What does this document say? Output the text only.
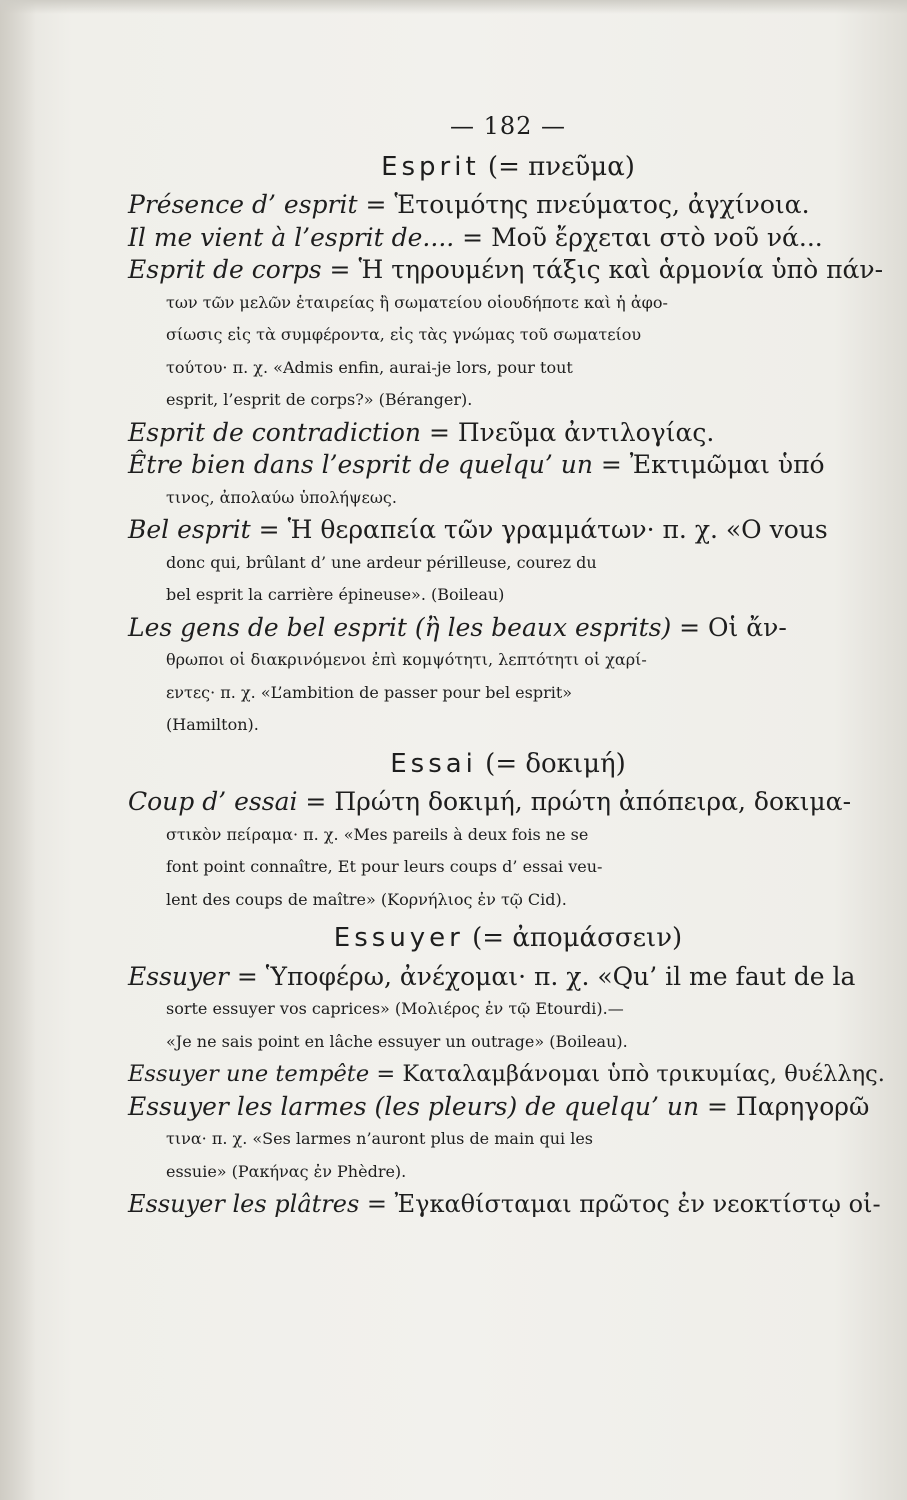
— 182 —
Esprit (= πνεῦμα)
Présence d’ esprit = Ἑτοιμότης πνεύματος, ἀγχίνοια.
Il me vient à l’esprit de.... = Μοῦ ἔρχεται στὸ νοῦ νά...
Esprit de corps = Ἡ τηρουμένη τάξις καὶ ἁρμονία ὑπὸ πάν-
των τῶν μελῶν ἑταιρείας ἢ σωματείου οἱουδήποτε καὶ ἡ ἀφο-
σίωσις εἰς τὰ συμφέροντα, εἰς τὰς γνώμας τοῦ σωματείου
τούτου· π. χ. «Admis enfin, aurai-je lors, pour tout
esprit, l’esprit de corps?» (Béranger).
Esprit de contradiction = Πνεῦμα ἀντιλογίας.
Être bien dans l’esprit de quelqu’ un = Ἐκτιμῶμαι ὑπό
τινος, ἀπολαύω ὑπολήψεως.
Bel esprit = Ἡ θεραπεία τῶν γραμμάτων· π. χ. «O vous
donc qui, brûlant d’ une ardeur périlleuse, courez du
bel esprit la carrière épineuse». (Boileau)
Les gens de bel esprit (ἢ les beaux esprits) = Οἱ ἄν-
θρωποι οἱ διακρινόμενοι ἐπὶ κομψότητι, λεπτότητι οἱ χαρί-
εντες· π. χ. «L’ambition de passer pour bel esprit»
(Hamilton).
Essai (= δοκιμή)
Coup d’ essai = Πρώτη δοκιμή, πρώτη ἀπόπειρα, δοκιμα-
στικὸν πείραμα· π. χ. «Mes pareils à deux fois ne se
font point connaître, Et pour leurs coups d’ essai veu-
lent des coups de maître» (Κορνήλιος ἐν τῷ Cid).
Essuyer (= ἀπομάσσειν)
Essuyer = Ὑποφέρω, ἀνέχομαι· π. χ. «Qu’ il me faut de la
sorte essuyer vos caprices» (Μολιέρος ἐν τῷ Etourdi).—
«Je ne sais point en lâche essuyer un outrage» (Boileau).
Essuyer une tempête = Καταλαμβάνομαι ὑπὸ τρικυμίας, θυέλλης.
Essuyer les larmes (les pleurs) de quelqu’ un = Παρηγορῶ
τινα· π. χ. «Ses larmes n’auront plus de main qui les
essuie» (Ρακήνας ἐν Phèdre).
Essuyer les plâtres = Ἐγκαθίσταμαι πρῶτος ἐν νεοκτίστῳ οἰ-
